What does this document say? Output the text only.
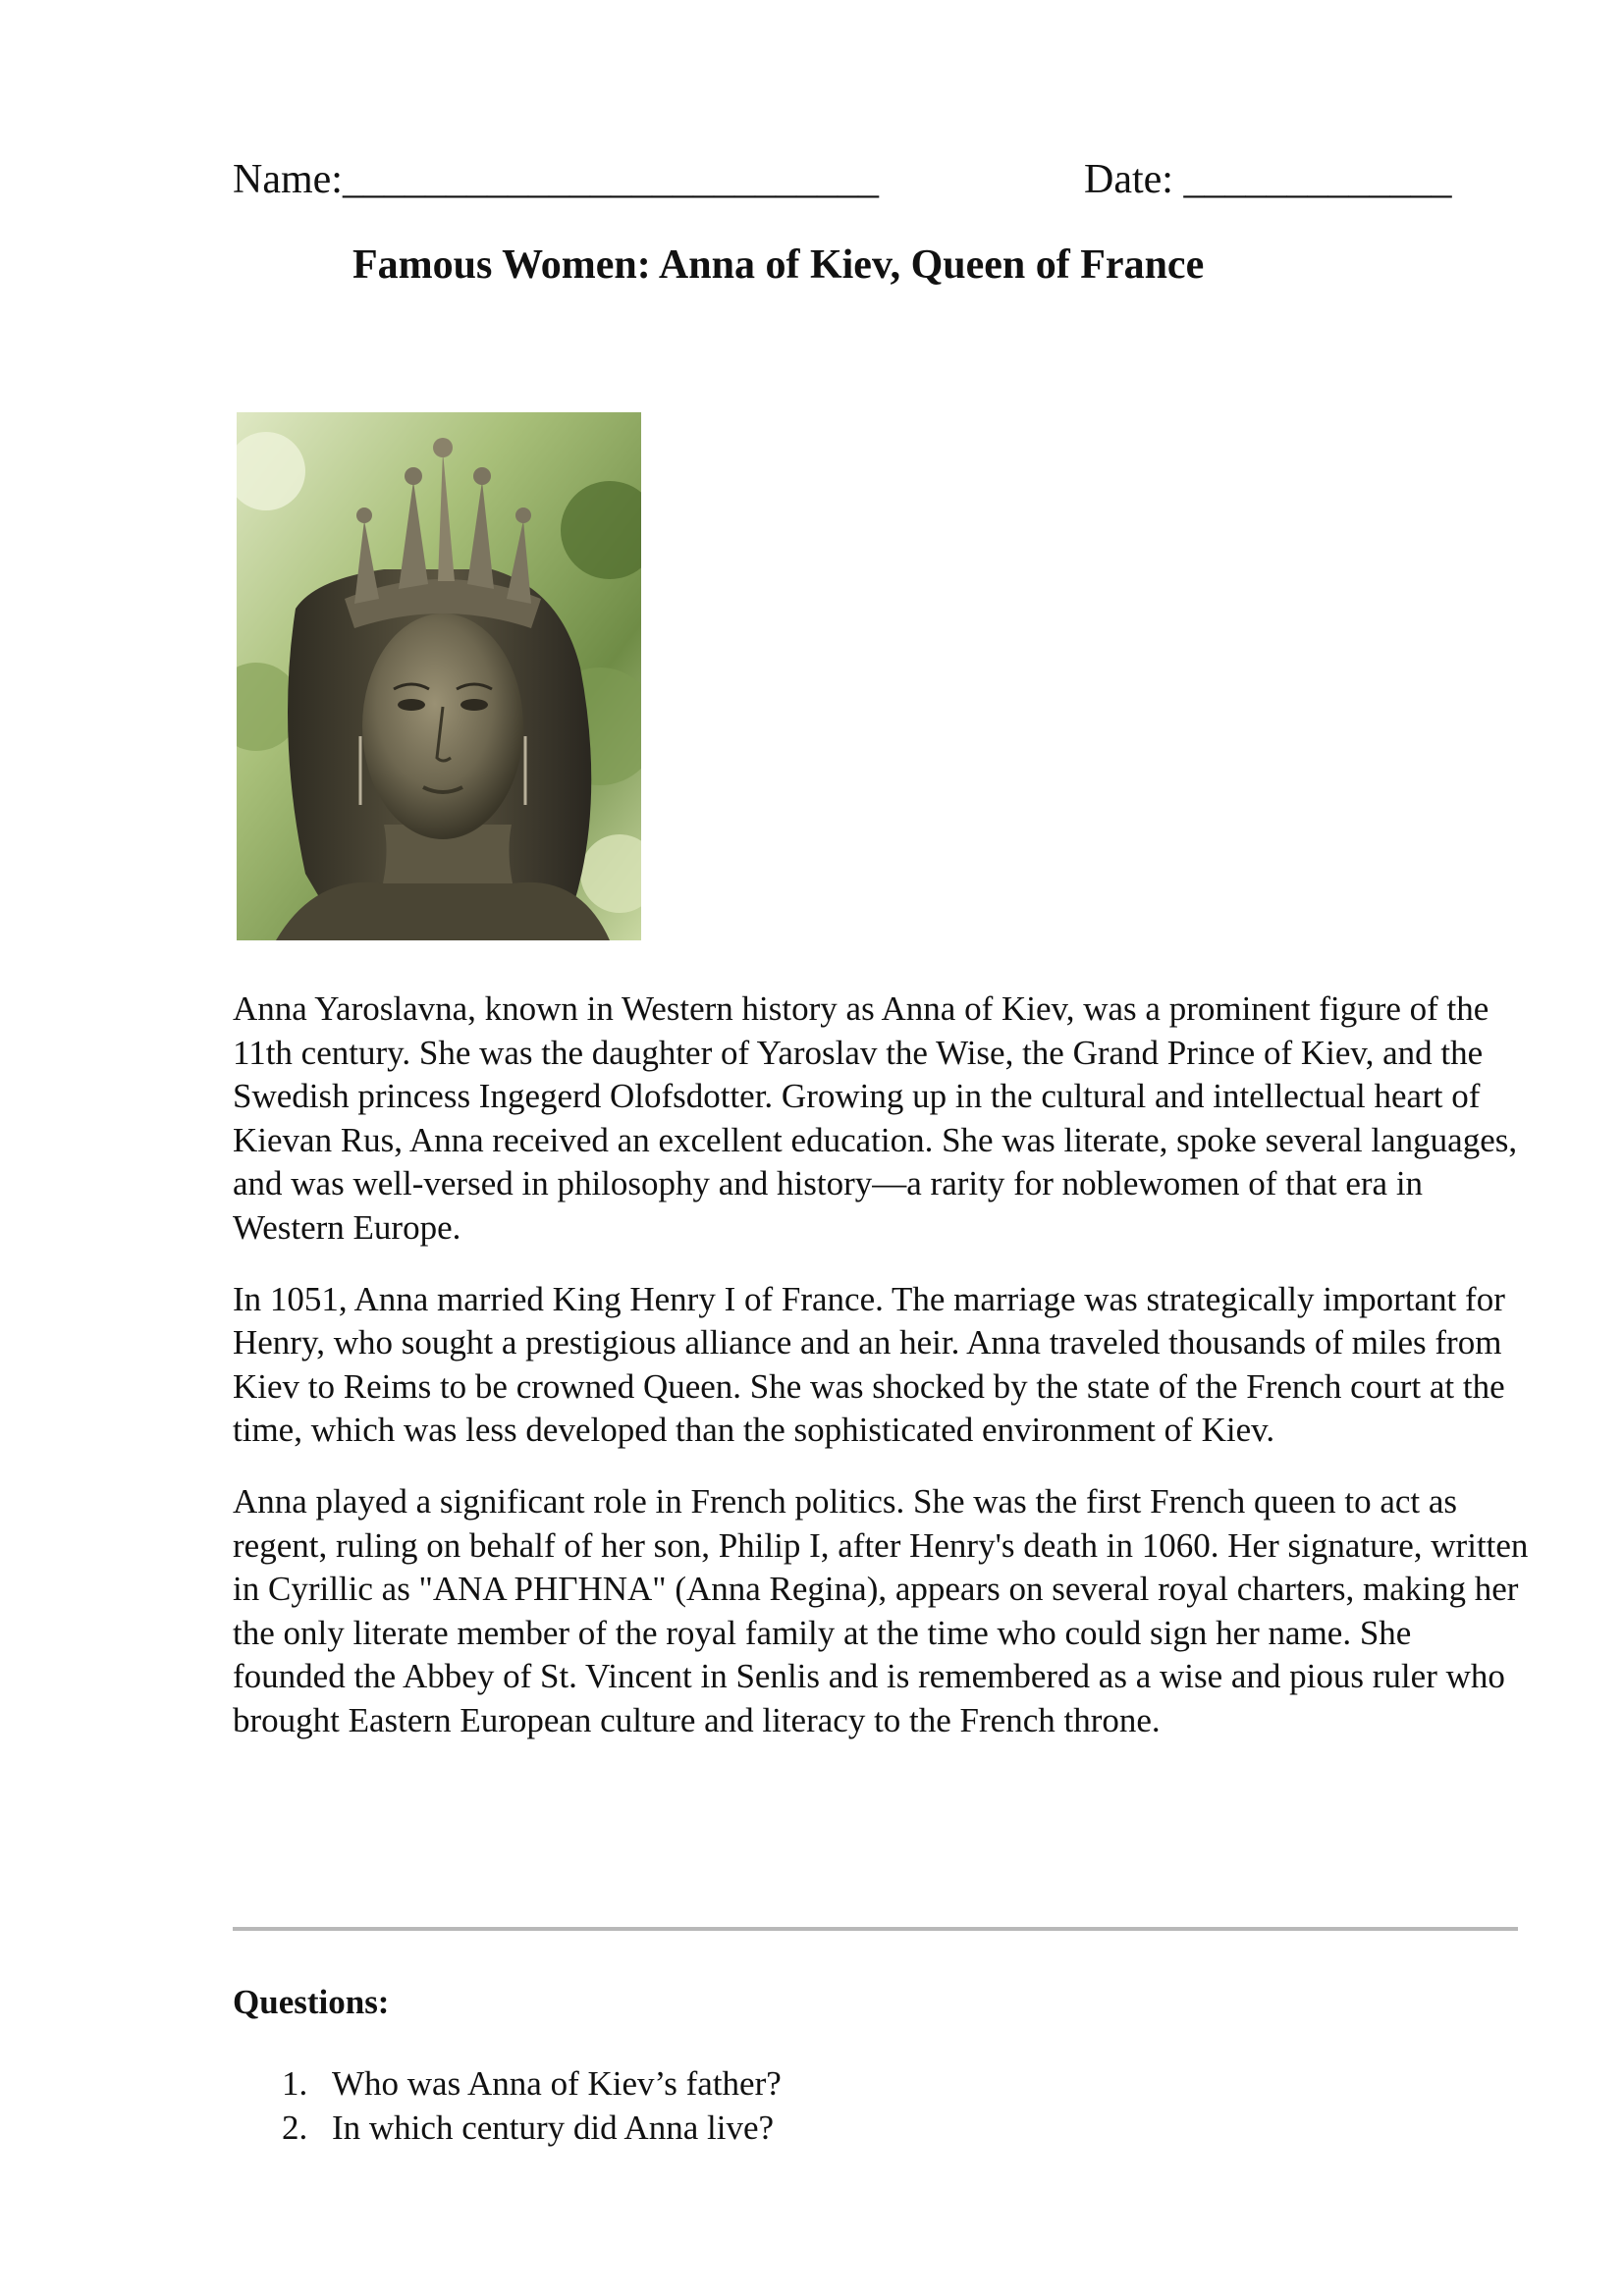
Name:__________________________	Date: _____________
Famous Women: Anna of Kiev, Queen of France

Anna Yaroslavna, known in Western history as Anna of Kiev, was a prominent figure of the 11th century. She was the daughter of Yaroslav the Wise, the Grand Prince of Kiev, and the Swedish princess Ingegerd Olofsdotter. Growing up in the cultural and intellectual heart of Kievan Rus, Anna received an excellent education. She was literate, spoke several languages, and was well-versed in philosophy and history—a rarity for noblewomen of that era in Western Europe.

In 1051, Anna married King Henry I of France. The marriage was strategically important for Henry, who sought a prestigious alliance and an heir. Anna traveled thousands of miles from Kiev to Reims to be crowned Queen. She was shocked by the state of the French court at the time, which was less developed than the sophisticated environment of Kiev.

Anna played a significant role in French politics. She was the first French queen to act as regent, ruling on behalf of her son, Philip I, after Henry's death in 1060. Her signature, written in Cyrillic as "ΑΝΑ ΡΗΓΗΝΑ" (Anna Regina), appears on several royal charters, making her the only literate member of the royal family at the time who could sign her name. She founded the Abbey of St. Vincent in Senlis and is remembered as a wise and pious ruler who brought Eastern European culture and literacy to the French throne.

Questions:
1. Who was Anna of Kiev’s father?
2. In which century did Anna live?
